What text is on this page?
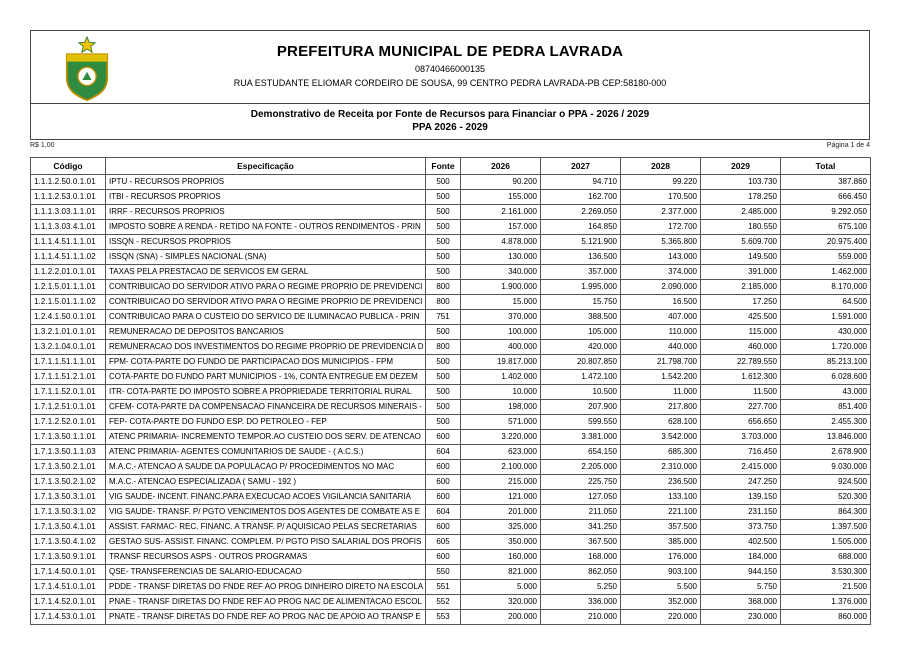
PREFEITURA MUNICIPAL DE PEDRA LAVRADA
08740466000135
RUA ESTUDANTE ELIOMAR CORDEIRO DE SOUSA, 99 CENTRO PEDRA LAVRADA-PB CEP:58180-000
Demonstrativo de Receita por Fonte de Recursos para Financiar o PPA - 2026 / 2029
PPA 2026 - 2029
R$ 1,00	Página 1 de 4
Código	Especificação	Fonte	2026	2027	2028	2029	Total
1.1.1.2.50.0.1.01	IPTU - RECURSOS PROPRIOS	500	90.200	94.710	99.220	103.730	387.860
1.1.1.2.53.0.1.01	ITBI - RECURSOS PROPRIOS	500	155.000	162.700	170.500	178.250	666.450
1.1.1.3.03.1.1.01	IRRF - RECURSOS PROPRIOS	500	2.161.000	2.269.050	2.377.000	2.485.000	9.292.050
1.1.1.3.03.4.1.01	IMPOSTO SOBRE A RENDA - RETIDO NA FONTE - OUTROS RENDIMENTOS - PRIN	500	157.000	164.850	172.700	180.550	675.100
1.1.1.4.51.1.1.01	ISSQN - RECURSOS PROPRIOS	500	4.878.000	5.121.900	5.365.800	5.609.700	20.975.400
1.1.1.4.51.1.1.02	ISSQN (SNA) - SIMPLES NACIONAL (SNA)	500	130.000	136.500	143.000	149.500	559.000
1.1.2.2.01.0.1.01	TAXAS PELA PRESTACAO DE SERVICOS EM GERAL	500	340.000	357.000	374.000	391.000	1.462.000
1.2.1.5.01.1.1.01	CONTRIBUICAO DO SERVIDOR ATIVO PARA O REGIME PROPRIO DE PREVIDENCI	800	1.900.000	1.995.000	2.090.000	2.185.000	8.170.000
1.2.1.5.01.1.1.02	CONTRIBUICAO DO SERVIDOR ATIVO PARA O REGIME PROPRIO DE PREVIDENCI	800	15.000	15.750	16.500	17.250	64.500
1.2.4.1.50.0.1.01	CONTRIBUICAO PARA O CUSTEIO DO SERVICO DE ILUMINACAO PUBLICA - PRIN	751	370.000	388.500	407.000	425.500	1.591.000
1.3.2.1.01.0.1.01	REMUNERACAO DE DEPOSITOS BANCARIOS	500	100.000	105.000	110.000	115.000	430.000
1.3.2.1.04.0.1.01	REMUNERACAO DOS INVESTIMENTOS DO REGIME PROPRIO DE PREVIDENCIA D	800	400.000	420.000	440.000	460.000	1.720.000
1.7.1.1.51.1.1.01	FPM- COTA-PARTE DO FUNDO DE PARTICIPACAO DOS MUNICIPIOS - FPM	500	19.817.000	20.807.850	21.798.700	22.789.550	85.213.100
1.7.1.1.51.2.1.01	COTA-PARTE DO FUNDO PART MUNICIPIOS - 1%, CONTA ENTREGUE EM DEZEM	500	1.402.000	1.472.100	1.542.200	1.612.300	6.028.600
1.7.1.1.52.0.1.01	ITR- COTA-PARTE DO IMPOSTO SOBRE A PROPRIEDADE TERRITORIAL RURAL	500	10.000	10.500	11.000	11.500	43.000
1.7.1.2.51.0.1.01	CFEM- COTA-PARTE DA COMPENSACAO FINANCEIRA DE RECURSOS MINERAIS -	500	198.000	207.900	217.800	227.700	851.400
1.7.1.2.52.0.1.01	FEP- COTA-PARTE DO FUNDO ESP. DO PETROLEO - FEP	500	571.000	599.550	628.100	656.650	2.455.300
1.7.1.3.50.1.1.01	ATENC PRIMARIA- INCREMENTO TEMPOR.AO CUSTEIO DOS SERV. DE ATENCAO	600	3.220.000	3.381.000	3.542.000	3.703.000	13.846.000
1.7.1.3.50.1.1.03	ATENC PRIMARIA- AGENTES COMUNITARIOS DE SAUDE - ( A.C.S.)	604	623.000	654.150	685.300	716.450	2.678.900
1.7.1.3.50.2.1.01	M.A.C.- ATENCAO A SAUDE DA POPULACAO P/ PROCEDIMENTOS NO MAC	600	2.100.000	2.205.000	2.310.000	2.415.000	9.030.000
1.7.1.3.50.2.1.02	M.A.C.- ATENCAO ESPECIALIZADA ( SAMU - 192 )	600	215.000	225.750	236.500	247.250	924.500
1.7.1.3.50.3.1.01	VIG SAUDE- INCENT. FINANC.PARA EXECUCAO ACOES VIGILANCIA SANITARIA	600	121.000	127.050	133.100	139.150	520.300
1.7.1.3.50.3.1.02	VIG SAUDE- TRANSF. P/ PGTO VENCIMENTOS DOS AGENTES DE COMBATE AS E	604	201.000	211.050	221.100	231.150	864.300
1.7.1.3.50.4.1.01	ASSIST. FARMAC- REC. FINANC. A TRANSF. P/ AQUISICAO PELAS SECRETARIAS	600	325.000	341.250	357.500	373.750	1.397.500
1.7.1.3.50.4.1.02	GESTAO SUS- ASSIST. FINANC. COMPLEM. P/ PGTO PISO SALARIAL DOS PROFIS	605	350.000	367.500	385.000	402.500	1.505.000
1.7.1.3.50.9.1.01	TRANSF RECURSOS ASPS - OUTROS PROGRAMAS	600	160.000	168.000	176.000	184.000	688.000
1.7.1.4.50.0.1.01	QSE- TRANSFERENCIAS DE SALARIO-EDUCACAO	550	821.000	862.050	903.100	944.150	3.530.300
1.7.1.4.51.0.1.01	PDDE - TRANSF DIRETAS DO FNDE REF AO PROG DINHEIRO DIRETO NA ESCOLA	551	5.000	5.250	5.500	5.750	21.500
1.7.1.4.52.0.1.01	PNAE - TRANSF DIRETAS DO FNDE REF AO PROG NAC DE ALIMENTACAO ESCOL	552	320.000	336.000	352.000	368.000	1.376.000
1.7.1.4.53.0.1.01	PNATE - TRANSF DIRETAS DO FNDE REF AO PROG NAC DE APOIO AO TRANSP E	553	200.000	210.000	220.000	230.000	860.000
